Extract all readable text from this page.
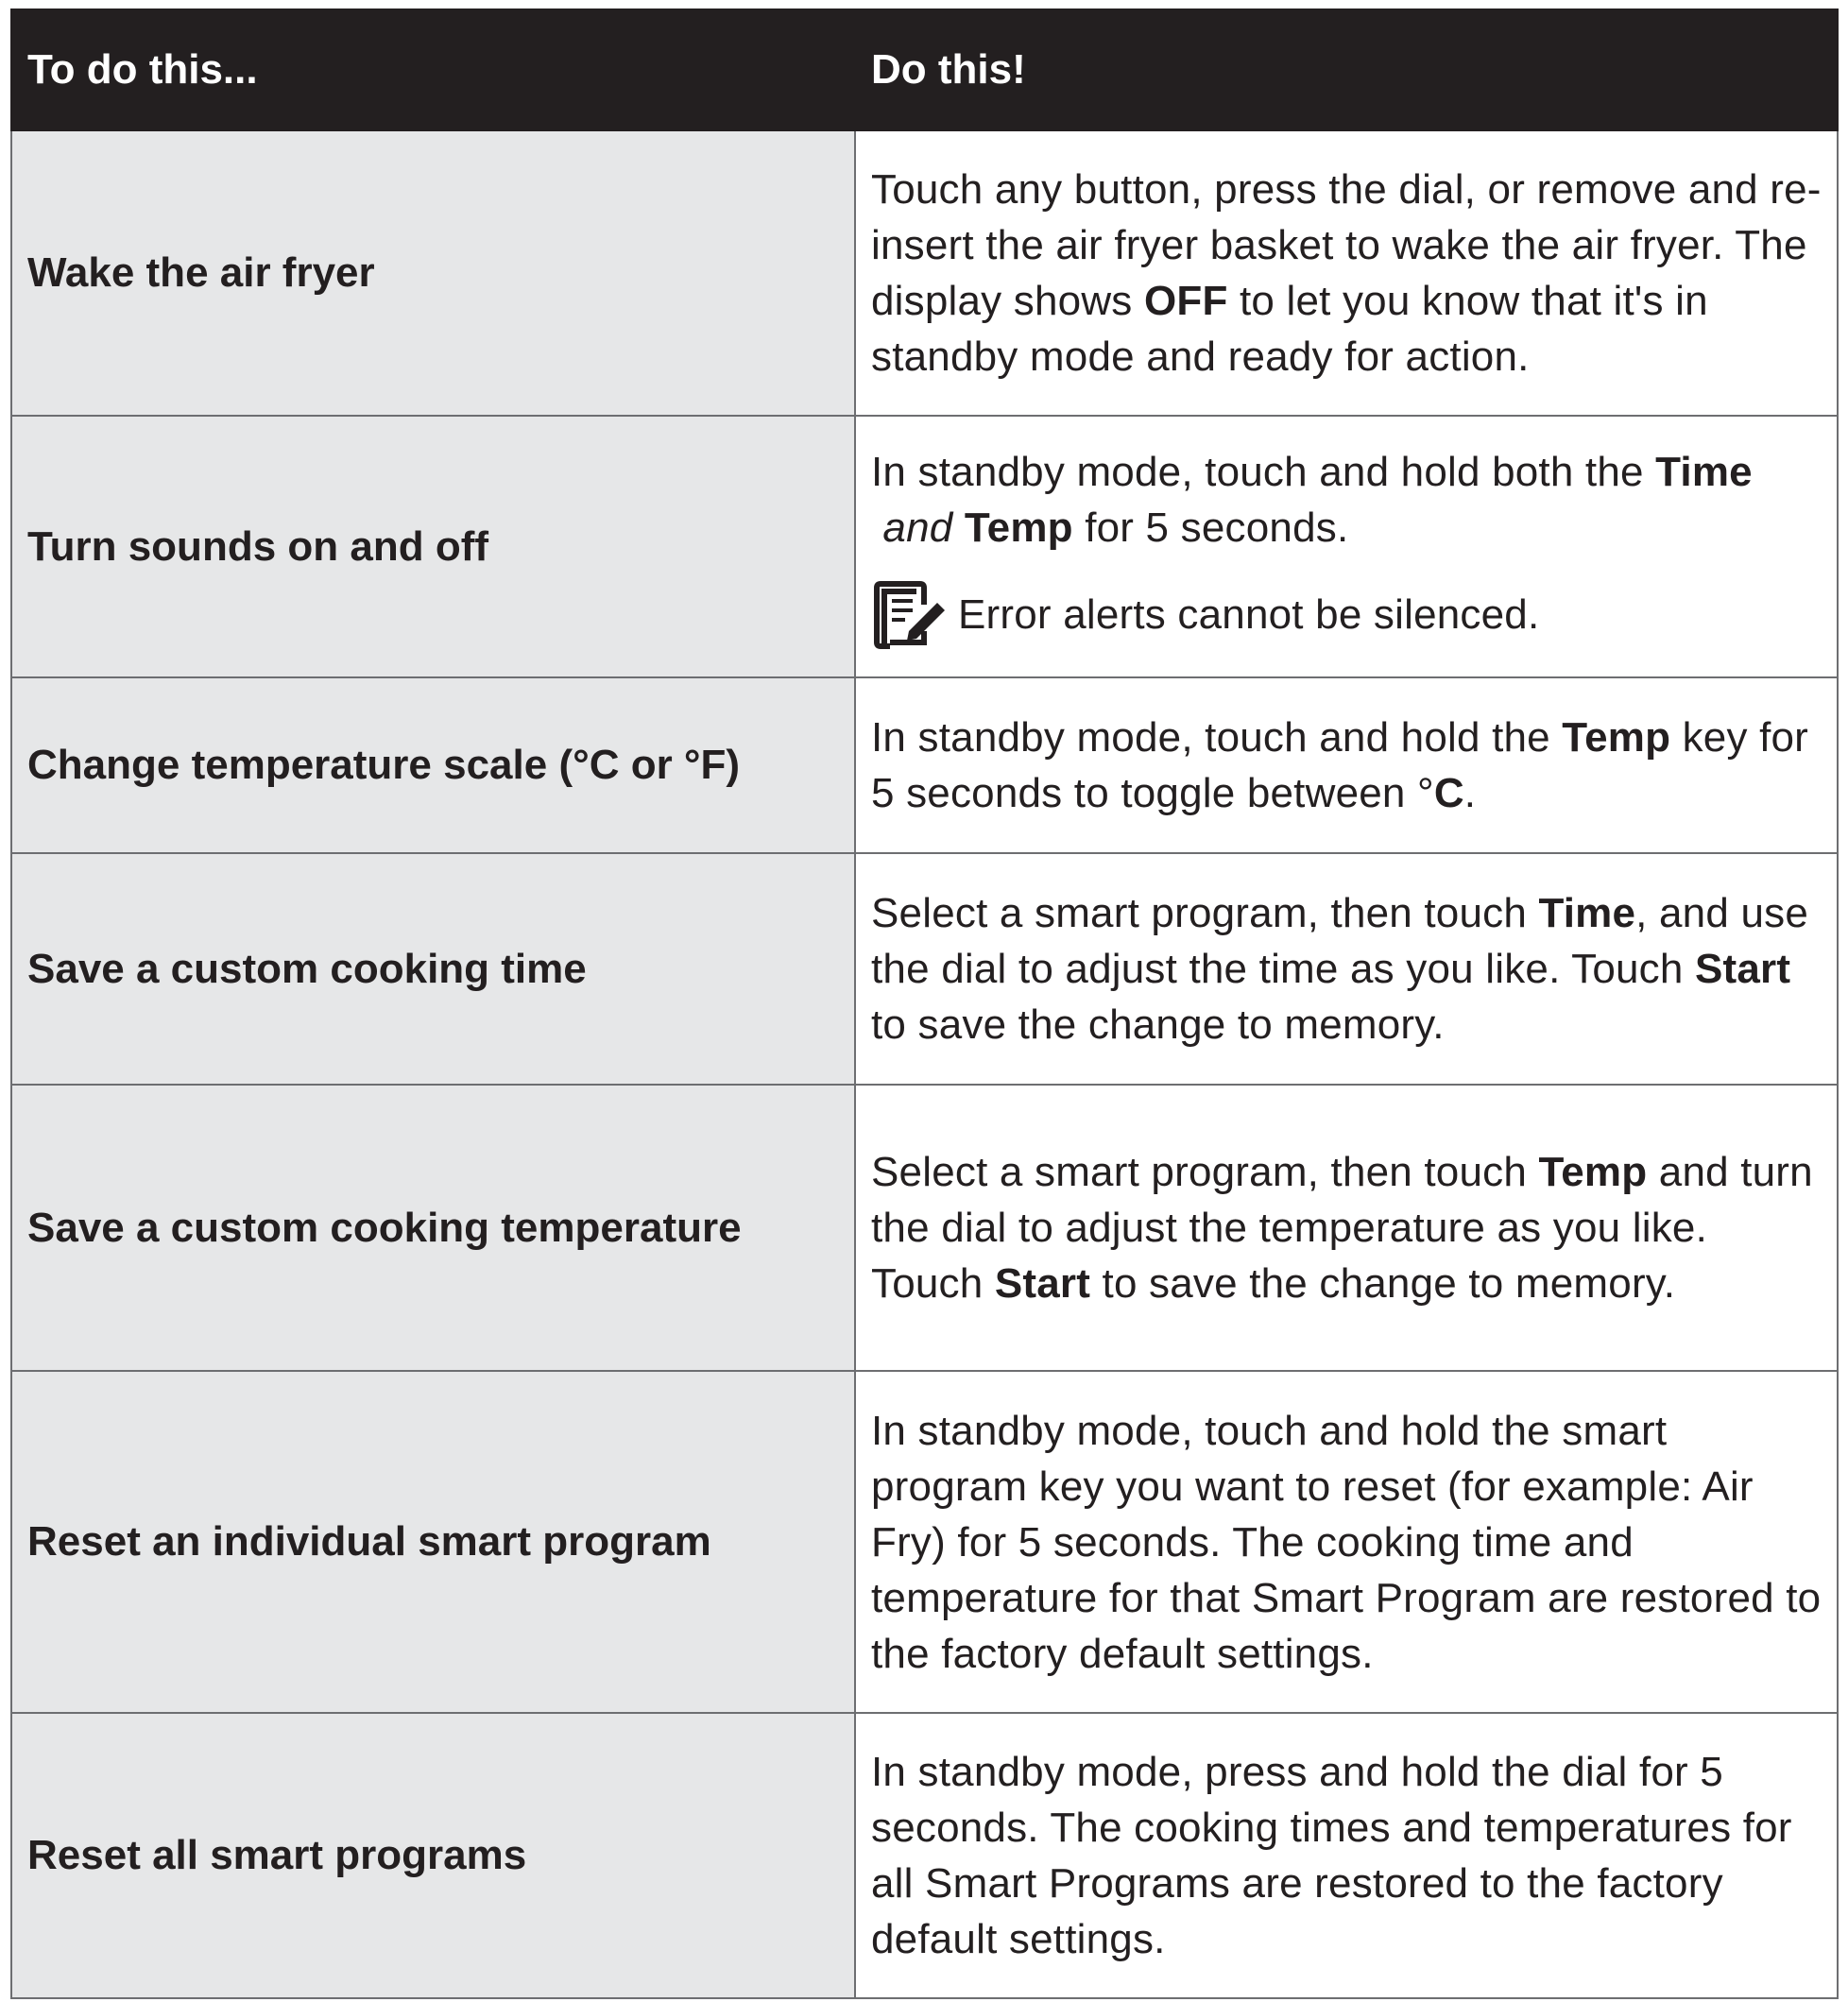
To do this...	Do this!
Wake the air fryer	Touch any button, press the dial, or remove and re-insert the air fryer basket to wake the air fryer. The display shows OFF to let you know that it's in standby mode and ready for action.
Turn sounds on and off	In standby mode, touch and hold both the Time and Temp for 5 seconds.
Error alerts cannot be silenced.

Change temperature scale (°C or °F)	In standby mode, touch and hold the Temp key for 5 seconds to toggle between °C.
Save a custom cooking time	Select a smart program, then touch Time, and use the dial to adjust the time as you like. Touch Start to save the change to memory.
Save a custom cooking temperature	Select a smart program, then touch Temp and turn the dial to adjust the temperature as you like. Touch Start to save the change to memory.
Reset an individual smart program	In standby mode, touch and hold the smart program key you want to reset (for example: Air Fry) for 5 seconds. The cooking time and temperature for that Smart Program are restored to the factory default settings.
Reset all smart programs	In standby mode, press and hold the dial for 5 seconds. The cooking times and temperatures for all Smart Programs are restored to the factory default settings.
